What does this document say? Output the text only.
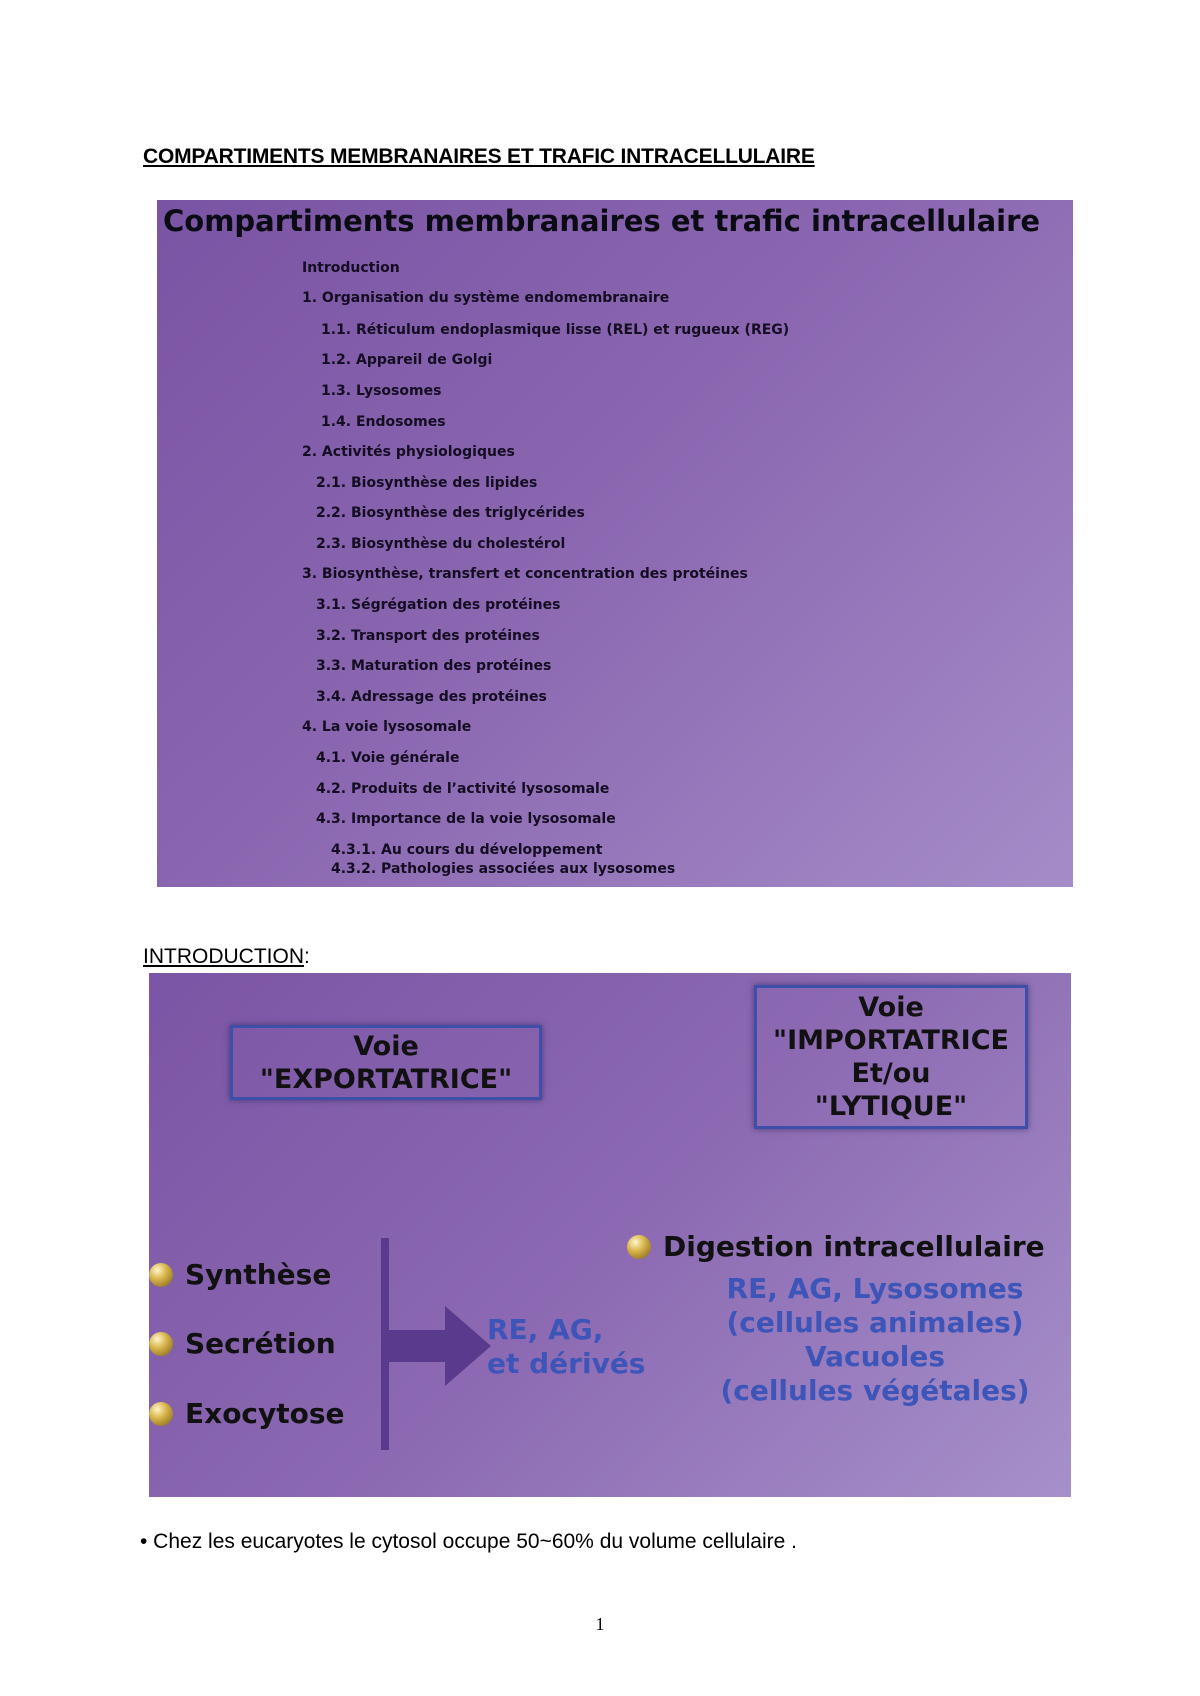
COMPARTIMENTS MEMBRANAIRES ET TRAFIC INTRACELLULAIRE
Compartiments membranaires et trafic intracellulaire
Introduction
1. Organisation du système endomembranaire
1.1. Réticulum endoplasmique lisse (REL) et rugueux (REG)
1.2. Appareil de Golgi
1.3. Lysosomes
1.4. Endosomes
2. Activités physiologiques
2.1. Biosynthèse des lipides
2.2. Biosynthèse des triglycérides
2.3. Biosynthèse du cholestérol
3. Biosynthèse, transfert et concentration des protéines
3.1. Ségrégation des protéines
3.2. Transport des protéines
3.3. Maturation des protéines
3.4. Adressage des protéines
4. La voie lysosomale
4.1. Voie générale
4.2. Produits de l’activité lysosomale
4.3. Importance de la voie lysosomale
4.3.1. Au cours du développement
4.3.2. Pathologies associées aux lysosomes
INTRODUCTION:
Voie
"EXPORTATRICE"
Voie
"IMPORTATRICE
Et/ou
"LYTIQUE"
Synthèse
Secrétion
Exocytose
RE, AG,
et dérivés
Digestion intracellulaire
RE, AG, Lysosomes
(cellules animales)
Vacuoles
(cellules végétales)
• Chez les eucaryotes le cytosol occupe 50~60% du volume cellulaire .
1
